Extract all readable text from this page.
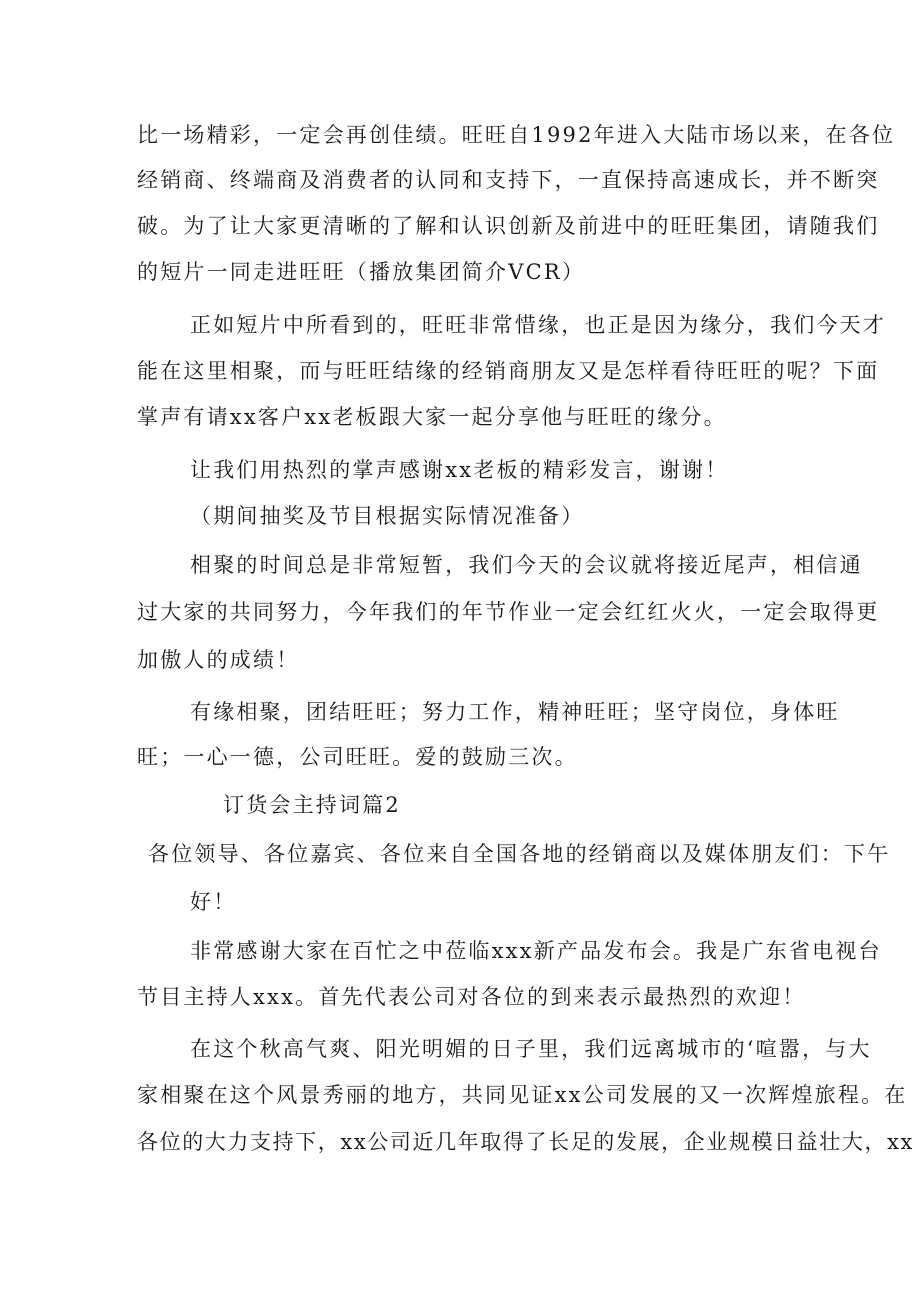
比一场精彩，一定会再创佳绩。旺旺自1992年进入大陆市场以来，在各位
经销商、终端商及消费者的认同和支持下，一直保持高速成长，并不断突
破。为了让大家更清晰的了解和认识创新及前进中的旺旺集团，请随我们
的短片一同走进旺旺（播放集团简介VCR）
正如短片中所看到的，旺旺非常惜缘，也正是因为缘分，我们今天才
能在这里相聚，而与旺旺结缘的经销商朋友又是怎样看待旺旺的呢？下面
掌声有请xx客户xx老板跟大家一起分享他与旺旺的缘分。
让我们用热烈的掌声感谢xx老板的精彩发言，谢谢！
（期间抽奖及节目根据实际情况准备）
相聚的时间总是非常短暂，我们今天的会议就将接近尾声，相信通
过大家的共同努力，今年我们的年节作业一定会红红火火，一定会取得更
加傲人的成绩！
有缘相聚，团结旺旺；努力工作，精神旺旺；坚守岗位，身体旺
旺；一心一德，公司旺旺。爱的鼓励三次。
订货会主持词篇2
各位领导、各位嘉宾、各位来自全国各地的经销商以及媒体朋友们：下午
好！
非常感谢大家在百忙之中莅临xxx新产品发布会。我是广东省电视台
节目主持人xxx。首先代表公司对各位的到来表示最热烈的欢迎！
在这个秋高气爽、阳光明媚的日子里，我们远离城市的‘喧嚣，与大
家相聚在这个风景秀丽的地方，共同见证xx公司发展的又一次辉煌旅程。在
各位的大力支持下，xx公司近几年取得了长足的发展，企业规模日益壮大，xx
